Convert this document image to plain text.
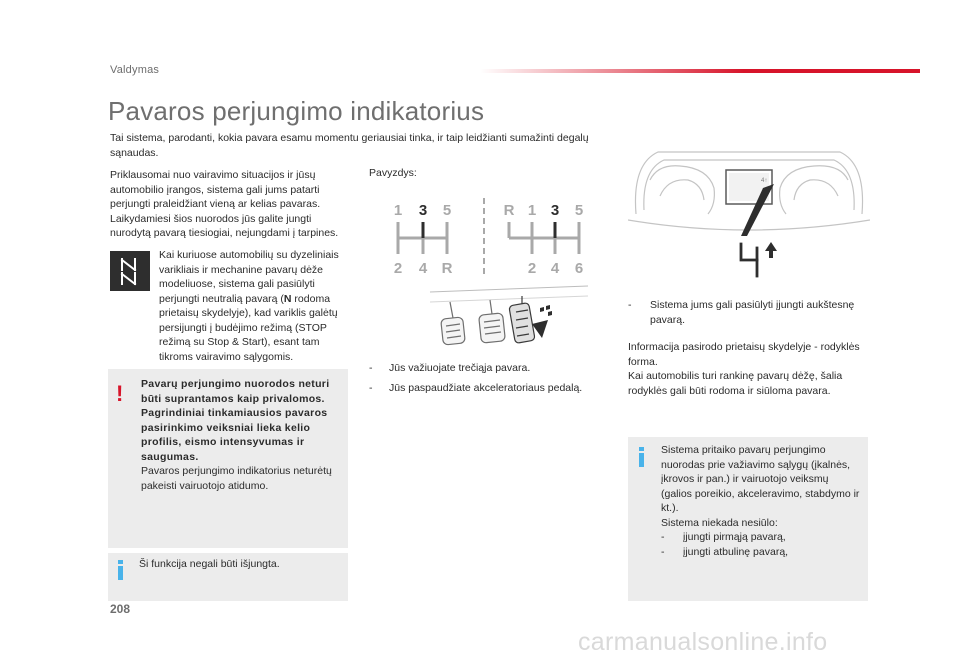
Valdymas
Pavaros perjungimo indikatorius

Tai sistema, parodanti, kokia pavara esamu momentu geriausiai tinka, ir taip leidžianti sumažinti degalų sąnaudas.

Priklausomai nuo vairavimo situacijos ir jūsų automobilio įrangos, sistema gali jums patarti perjungti praleidžiant vieną ar kelias pavaras. Laikydamiesi šios nuorodos jūs galite jungti nurodytą pavarą tiesiogiai, nejungdami į tarpines.

Kai kuriuose automobilių su dyzeliniais varikliais ir mechanine pavarų dėže modeliuose, sistema gali pasiūlyti perjungti neutralią pavarą (N rodoma prietaisų skydelyje), kad variklis galėtų persijungti į budėjimo režimą (STOP režimą su Stop & Start), esant tam tikroms vairavimo sąlygomis.

! Pavarų perjungimo nuorodos neturi būti suprantamos kaip privalomos. Pagrindiniai tinkamiausios pavaros pasirinkimo veiksniai lieka kelio profilis, eismo intensyvumas ir saugumas.
Pavaros perjungimo indikatorius neturėtų pakeisti vairuotojo atidumo.

Ši funkcija negali būti išjungta.

Pavyzdys:

1 3 5
2 4 R
R 1 3 5
2 4 6
- Jūs važiuojate trečiąja pavara.
- Jūs paspaudžiate akceleratoriaus pedalą.
4↑
-	Sistema jums gali pasiūlyti įjungti aukštesnę pavarą.

Informacija pasirodo prietaisų skydelyje - rodyklės forma.
Kai automobilis turi rankinę pavarų dėžę, šalia rodyklės gali būti rodoma ir siūloma pavara.

Sistema pritaiko pavarų perjungimo nuorodas prie važiavimo sąlygų (įkalnės, įkrovos ir pan.) ir vairuotojo veiksmų (galios poreikio, akceleravimo, stabdymo ir kt.).
Sistema niekada nesiūlo:
-	įjungti pirmąją pavarą,
-	įjungti atbulinę pavarą,
208
carmanualsonline.info
